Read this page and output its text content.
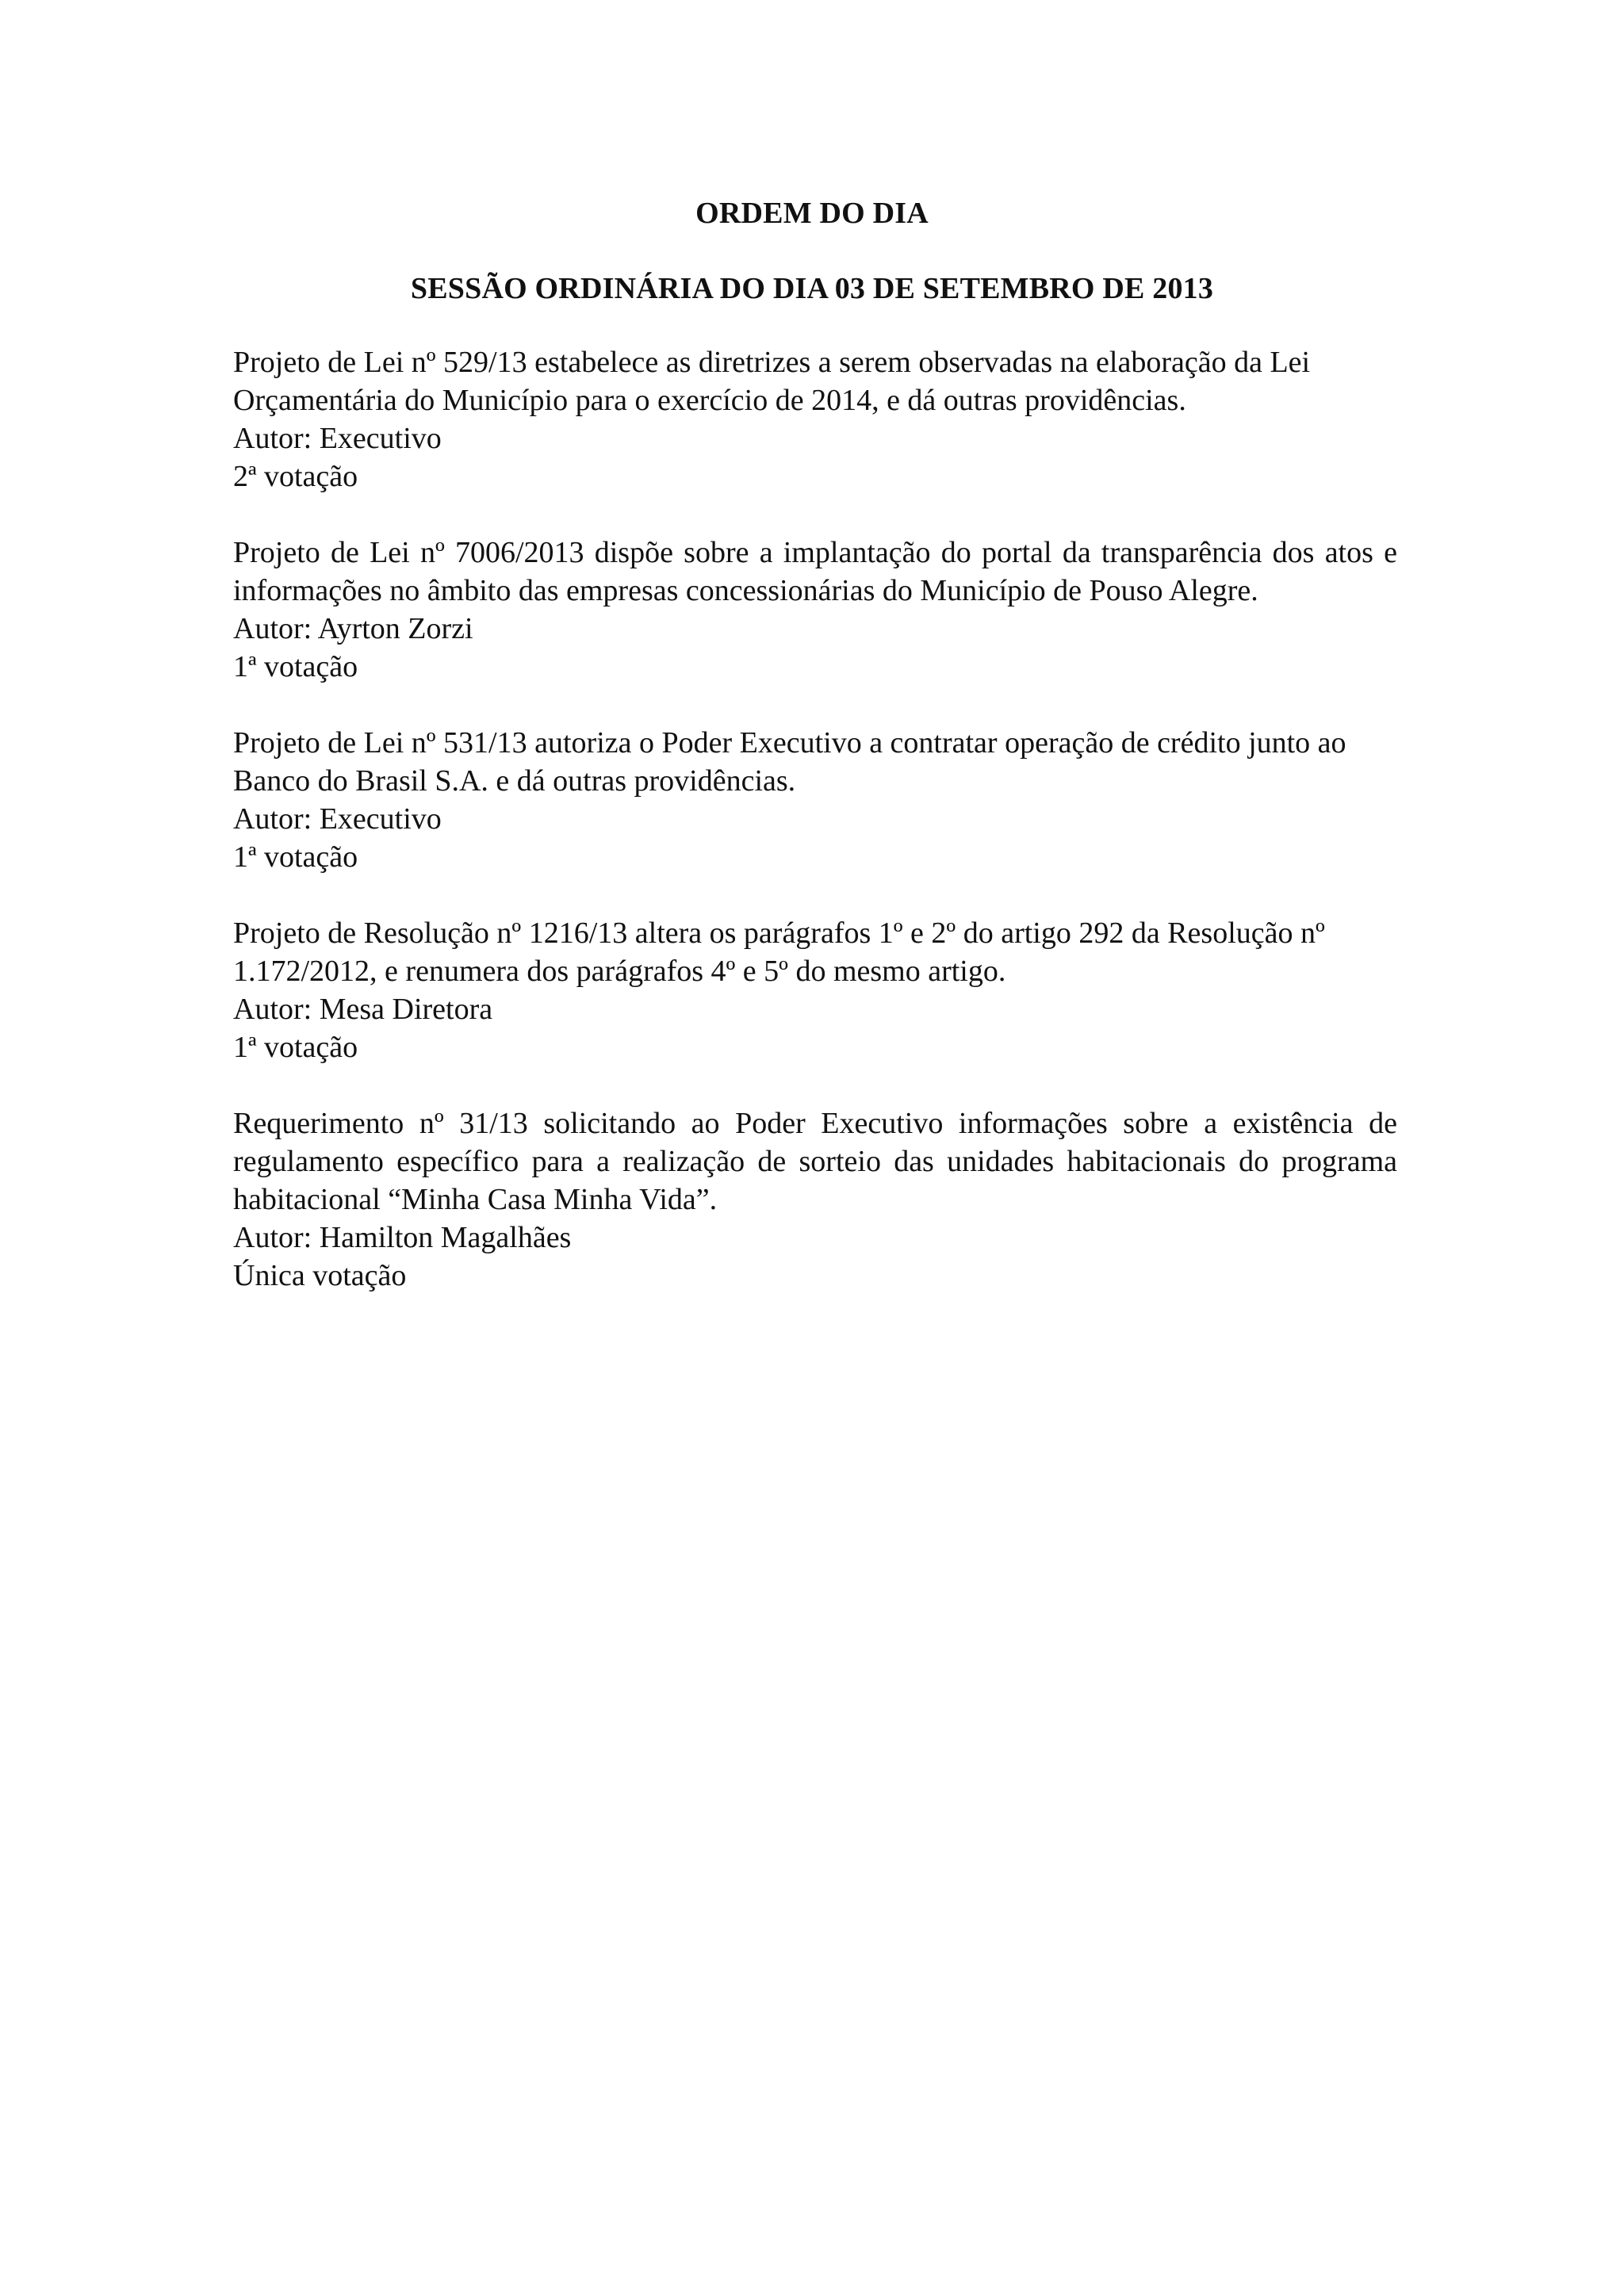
ORDEM DO DIA
SESSÃO ORDINÁRIA DO DIA 03 DE SETEMBRO DE 2013

Projeto de Lei nº 529/13 estabelece as diretrizes a serem observadas na elaboração da Lei Orçamentária do Município para o exercício de 2014, e dá outras providências.

Autor: Executivo
2ª votação

Projeto de Lei nº 7006/2013 dispõe sobre a implantação do portal da transparência dos atos e informações no âmbito das empresas concessionárias do Município de Pouso Alegre.

Autor: Ayrton Zorzi
1ª votação

Projeto de Lei nº 531/13 autoriza o Poder Executivo a contratar operação de crédito junto ao Banco do Brasil S.A. e dá outras providências.

Autor: Executivo
1ª votação

Projeto de Resolução nº 1216/13 altera os parágrafos 1º e 2º do artigo 292 da Resolução nº 1.172/2012, e renumera dos parágrafos 4º e 5º do mesmo artigo.

Autor: Mesa Diretora
1ª votação

Requerimento nº 31/13 solicitando ao Poder Executivo informações sobre a existência de regulamento específico para a realização de sorteio das unidades habitacionais do programa habitacional “Minha Casa Minha Vida”.

Autor: Hamilton Magalhães
Única votação
